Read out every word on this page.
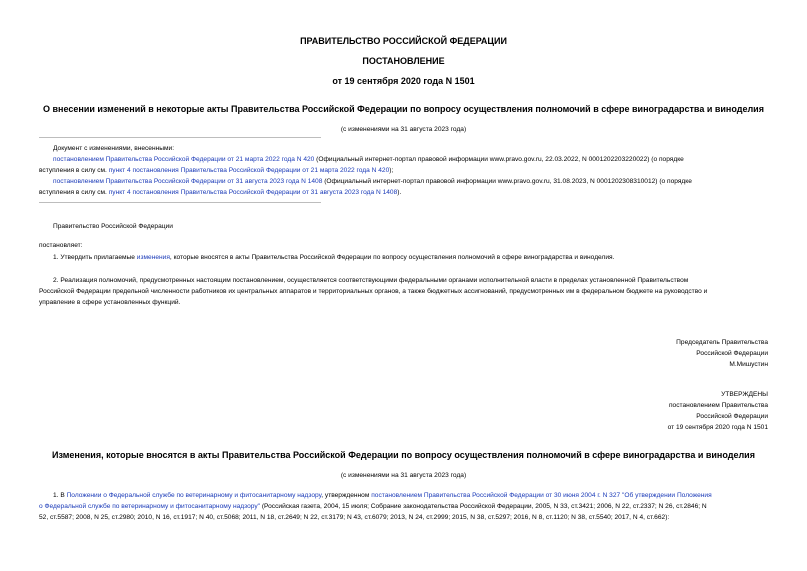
ПРАВИТЕЛЬСТВО РОССИЙСКОЙ ФЕДЕРАЦИИ
ПОСТАНОВЛЕНИЕ
от 19 сентября 2020 года N 1501
О внесении изменений в некоторые акты Правительства Российской Федерации по вопросу осуществления полномочий в сфере виноградарства и виноделия
(с изменениями на 31 августа 2023 года)
Документ с изменениями, внесенными:
постановлением Правительства Российской Федерации от 21 марта 2022 года N 420 (Официальный интернет-портал правовой информации www.pravo.gov.ru, 22.03.2022, N 0001202203220022) (о порядке
вступления в силу см. пункт 4 постановления Правительства Российской Федерации от 21 марта 2022 года N 420);
постановлением Правительства Российской Федерации от 31 августа 2023 года N 1408 (Официальный интернет-портал правовой информации www.pravo.gov.ru, 31.08.2023, N 0001202308310012) (о порядке
вступления в силу см. пункт 4 постановления Правительства Российской Федерации от 31 августа 2023 года N 1408).
Правительство Российской Федерации
постановляет:
1. Утвердить прилагаемые изменения, которые вносятся в акты Правительства Российской Федерации по вопросу осуществления полномочий в сфере виноградарства и виноделия.
2. Реализация полномочий, предусмотренных настоящим постановлением, осуществляется соответствующими федеральными органами исполнительной власти в пределах установленной Правительством
Российской Федерации предельной численности работников их центральных аппаратов и территориальных органов, а также бюджетных ассигнований, предусмотренных им в федеральном бюджете на руководство и
управление в сфере установленных функций.
Председатель Правительства
Российской Федерации
М.Мишустин
УТВЕРЖДЕНЫ
постановлением Правительства
Российской Федерации
от 19 сентября 2020 года N 1501
Изменения, которые вносятся в акты Правительства Российской Федерации по вопросу осуществления полномочий в сфере виноградарства и виноделия
(с изменениями на 31 августа 2023 года)
1. В Положении о Федеральной службе по ветеринарному и фитосанитарному надзору, утвержденном постановлением Правительства Российской Федерации от 30 июня 2004 г. N 327 "Об утверждении Положения
о Федеральной службе по ветеринарному и фитосанитарному надзору" (Российская газета, 2004, 15 июля; Собрание законодательства Российской Федерации, 2005, N 33, ст.3421; 2006, N 22, ст.2337; N 26, ст.2846; N
52, ст.5587; 2008, N 25, ст.2980; 2010, N 16, ст.1917; N 40, ст.5068; 2011, N 18, ст.2649; N 22, ст.3179; N 43, ст.6079; 2013, N 24, ст.2999; 2015, N 38, ст.5297; 2016, N 8, ст.1120; N 38, ст.5540; 2017, N 4, ст.662):
